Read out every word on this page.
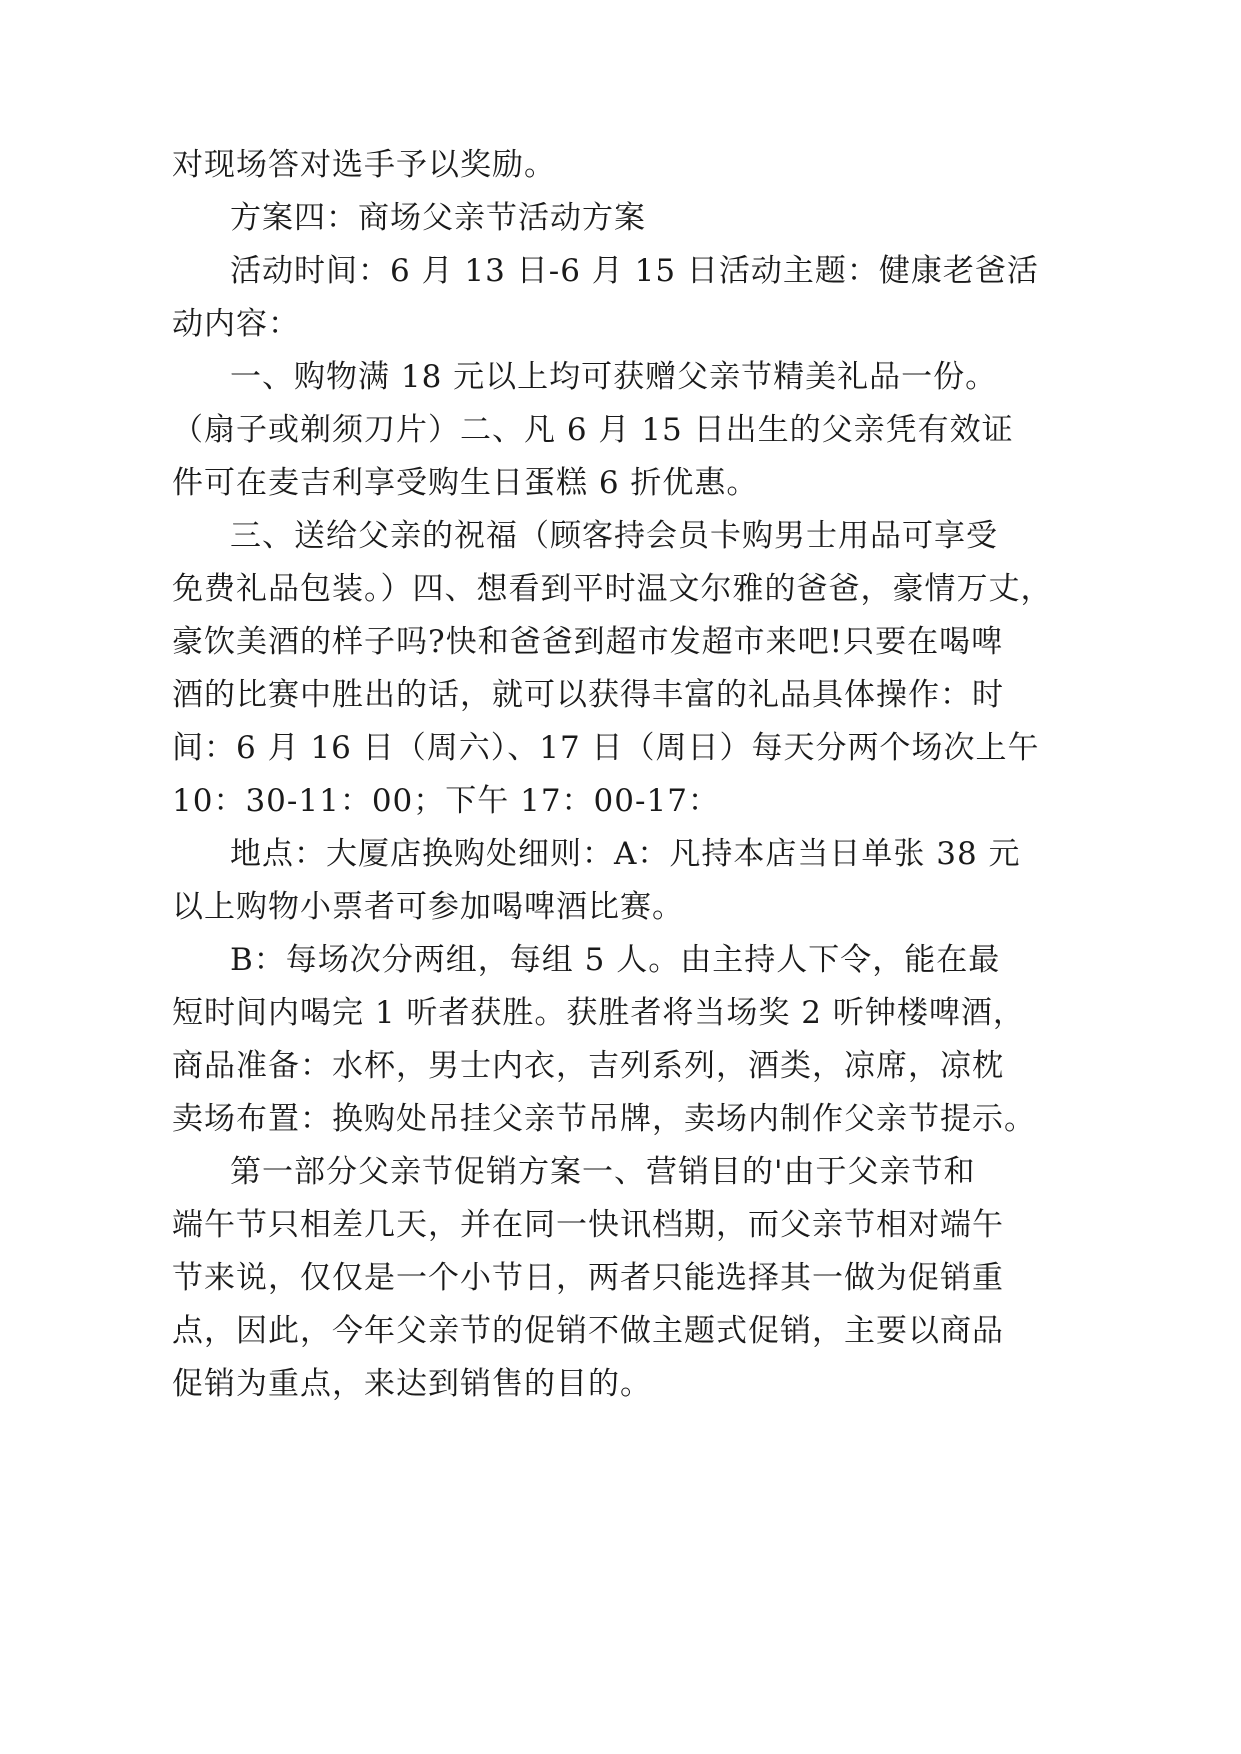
对现场答对选手予以奖励。
方案四：商场父亲节活动方案
活动时间：6 月 13 日-6 月 15 日活动主题：健康老爸活
动内容：
一、购物满 18 元以上均可获赠父亲节精美礼品一份。
（扇子或剃须刀片）二、凡 6 月 15 日出生的父亲凭有效证
件可在麦吉利享受购生日蛋糕 6 折优惠。
三、送给父亲的祝福（顾客持会员卡购男士用品可享受
免费礼品包装。）四、想看到平时温文尔雅的爸爸，豪情万丈，
豪饮美酒的样子吗?快和爸爸到超市发超市来吧!只要在喝啤
酒的比赛中胜出的话，就可以获得丰富的礼品具体操作：时
间：6 月 16 日（周六）、17 日（周日）每天分两个场次上午
10：30-11：00；下午 17：00-17：
地点：大厦店换购处细则：A：凡持本店当日单张 38 元
以上购物小票者可参加喝啤酒比赛。
B：每场次分两组，每组 5 人。由主持人下令，能在最
短时间内喝完 1 听者获胜。获胜者将当场奖 2 听钟楼啤酒，
商品准备：水杯，男士内衣，吉列系列，酒类，凉席，凉枕
卖场布置：换购处吊挂父亲节吊牌，卖场内制作父亲节提示。
第一部分父亲节促销方案一、营销目的'由于父亲节和
端午节只相差几天，并在同一快讯档期，而父亲节相对端午
节来说，仅仅是一个小节日，两者只能选择其一做为促销重
点，因此，今年父亲节的促销不做主题式促销，主要以商品
促销为重点，来达到销售的目的。
